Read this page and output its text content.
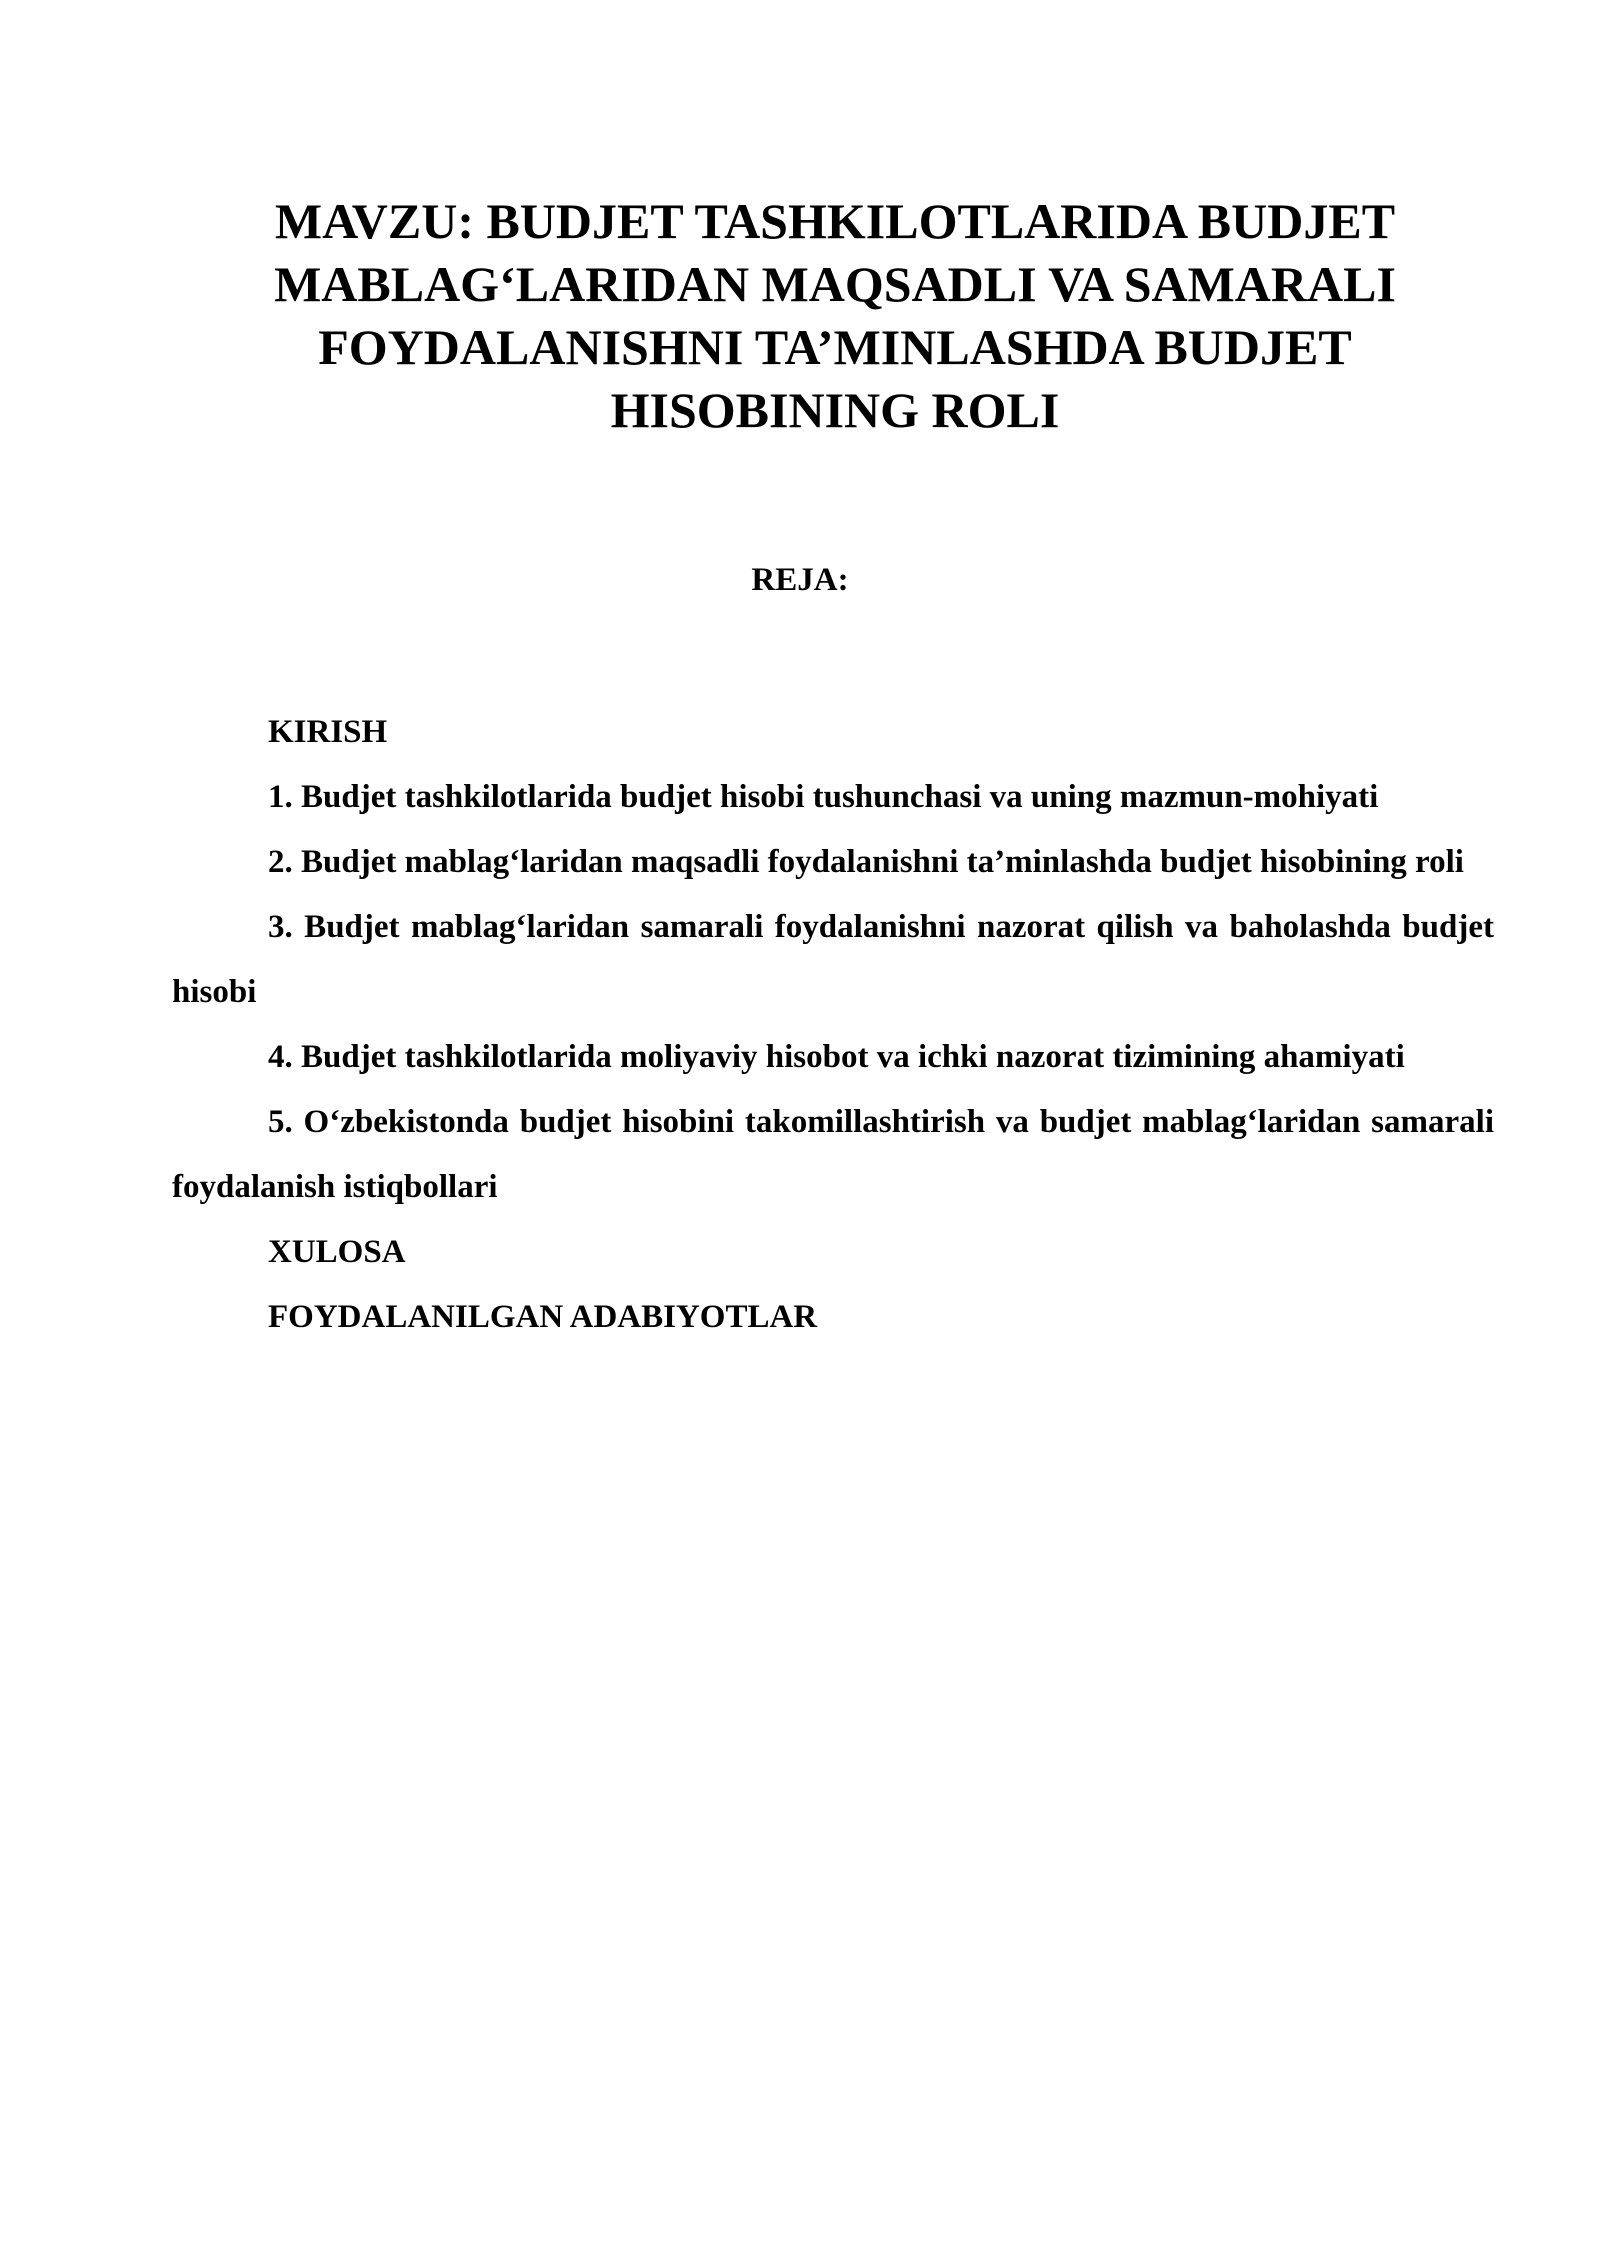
MAVZU: BUDJET TASHKILOTLARIDA BUDJET
MABLAG‘LARIDAN MAQSADLI VA SAMARALI
FOYDALANISHNI TA’MINLASHDA BUDJET
HISOBINING ROLI

REJA:

KIRISH
1. Budjet tashkilotlarida budjet hisobi tushunchasi va uning mazmun-mohiyati
2. Budjet mablag‘laridan maqsadli foydalanishni ta’minlashda budjet hisobining roli
3. Budjet mablag‘laridan samarali foydalanishni nazorat qilish va baholashda budjet hisobi
4. Budjet tashkilotlarida moliyaviy hisobot va ichki nazorat tizimining ahamiyati
5. O‘zbekistonda budjet hisobini takomillashtirish va budjet mablag‘laridan samarali foydalanish istiqbollari
XULOSA
FOYDALANILGAN ADABIYOTLAR
